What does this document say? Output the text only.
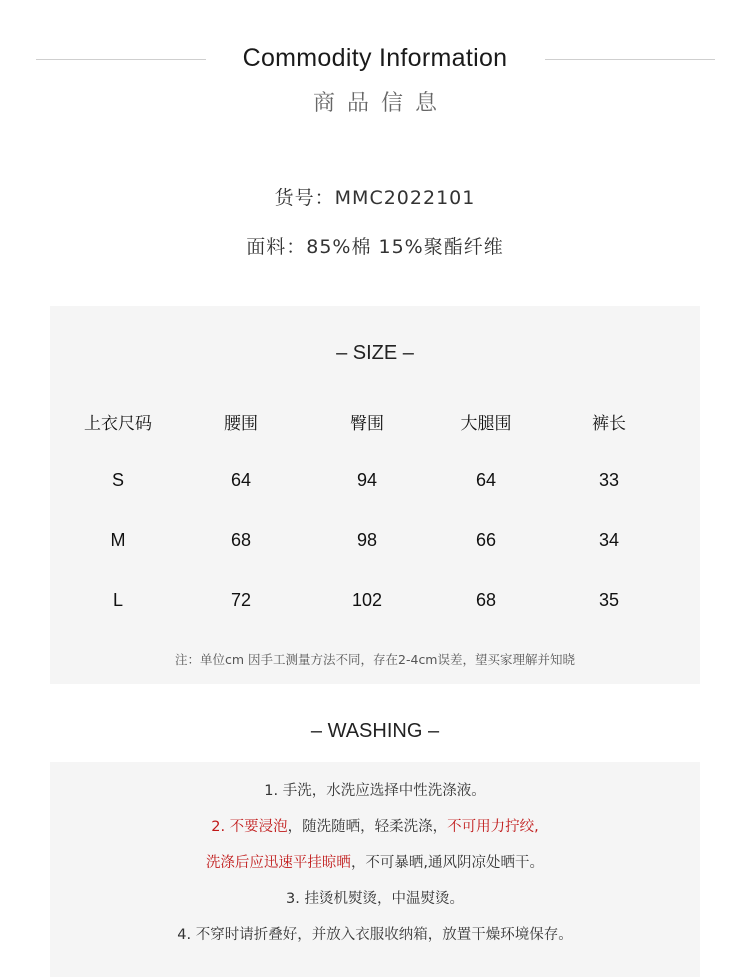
Commodity Information
商品信息
货号：MMC2022101
面料：85%棉 15%聚酯纤维
– SIZE –
上衣尺码	腰围	臀围	大腿围	裤长
S	64	94	64	33
M	68	98	66	34
L	72	102	68	35
注：单位cm 因手工测量方法不同，存在2-4cm误差，望买家理解并知晓
– WASHING –
1. 手洗，水洗应选择中性洗涤液。
2. 不要浸泡，随洗随晒，轻柔洗涤，不可用力拧绞,
洗涤后应迅速平挂晾晒，不可暴晒,通风阴凉处晒干。
3. 挂烫机熨烫，中温熨烫。
4. 不穿时请折叠好，并放入衣服收纳箱，放置干燥环境保存。
